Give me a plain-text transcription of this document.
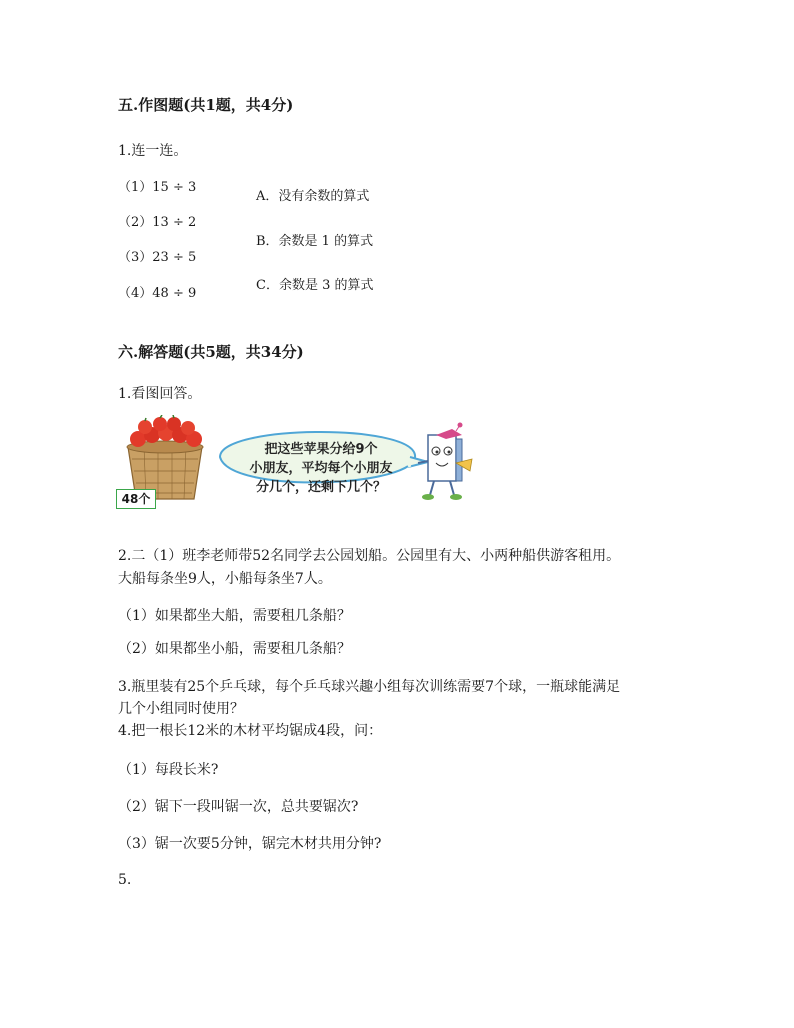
五.作图题(共1题，共4分)
1.连一连。
（1）15 ÷ 3
（2）13 ÷ 2
（3）23 ÷ 5
（4）48 ÷ 9
A．没有余数的算式
B．余数是 1 的算式
C．余数是 3 的算式
六.解答题(共5题，共34分)
1.看图回答。
48个
把这些苹果分给9个
小朋友，平均每个小朋友
分几个，还剩下几个？
2.二（1）班李老师带52名同学去公园划船。公园里有大、小两种船供游客租用。
大船每条坐9人，小船每条坐7人。
（1）如果都坐大船，需要租几条船？
（2）如果都坐小船，需要租几条船？
3.瓶里装有25个乒乓球，每个乒乓球兴趣小组每次训练需要7个球，一瓶球能满足
几个小组同时使用？
4.把一根长12米的木材平均锯成4段，问：
（1）每段长米?
（2）锯下一段叫锯一次，总共要锯次?
（3）锯一次要5分钟，锯完木材共用分钟?
5.
